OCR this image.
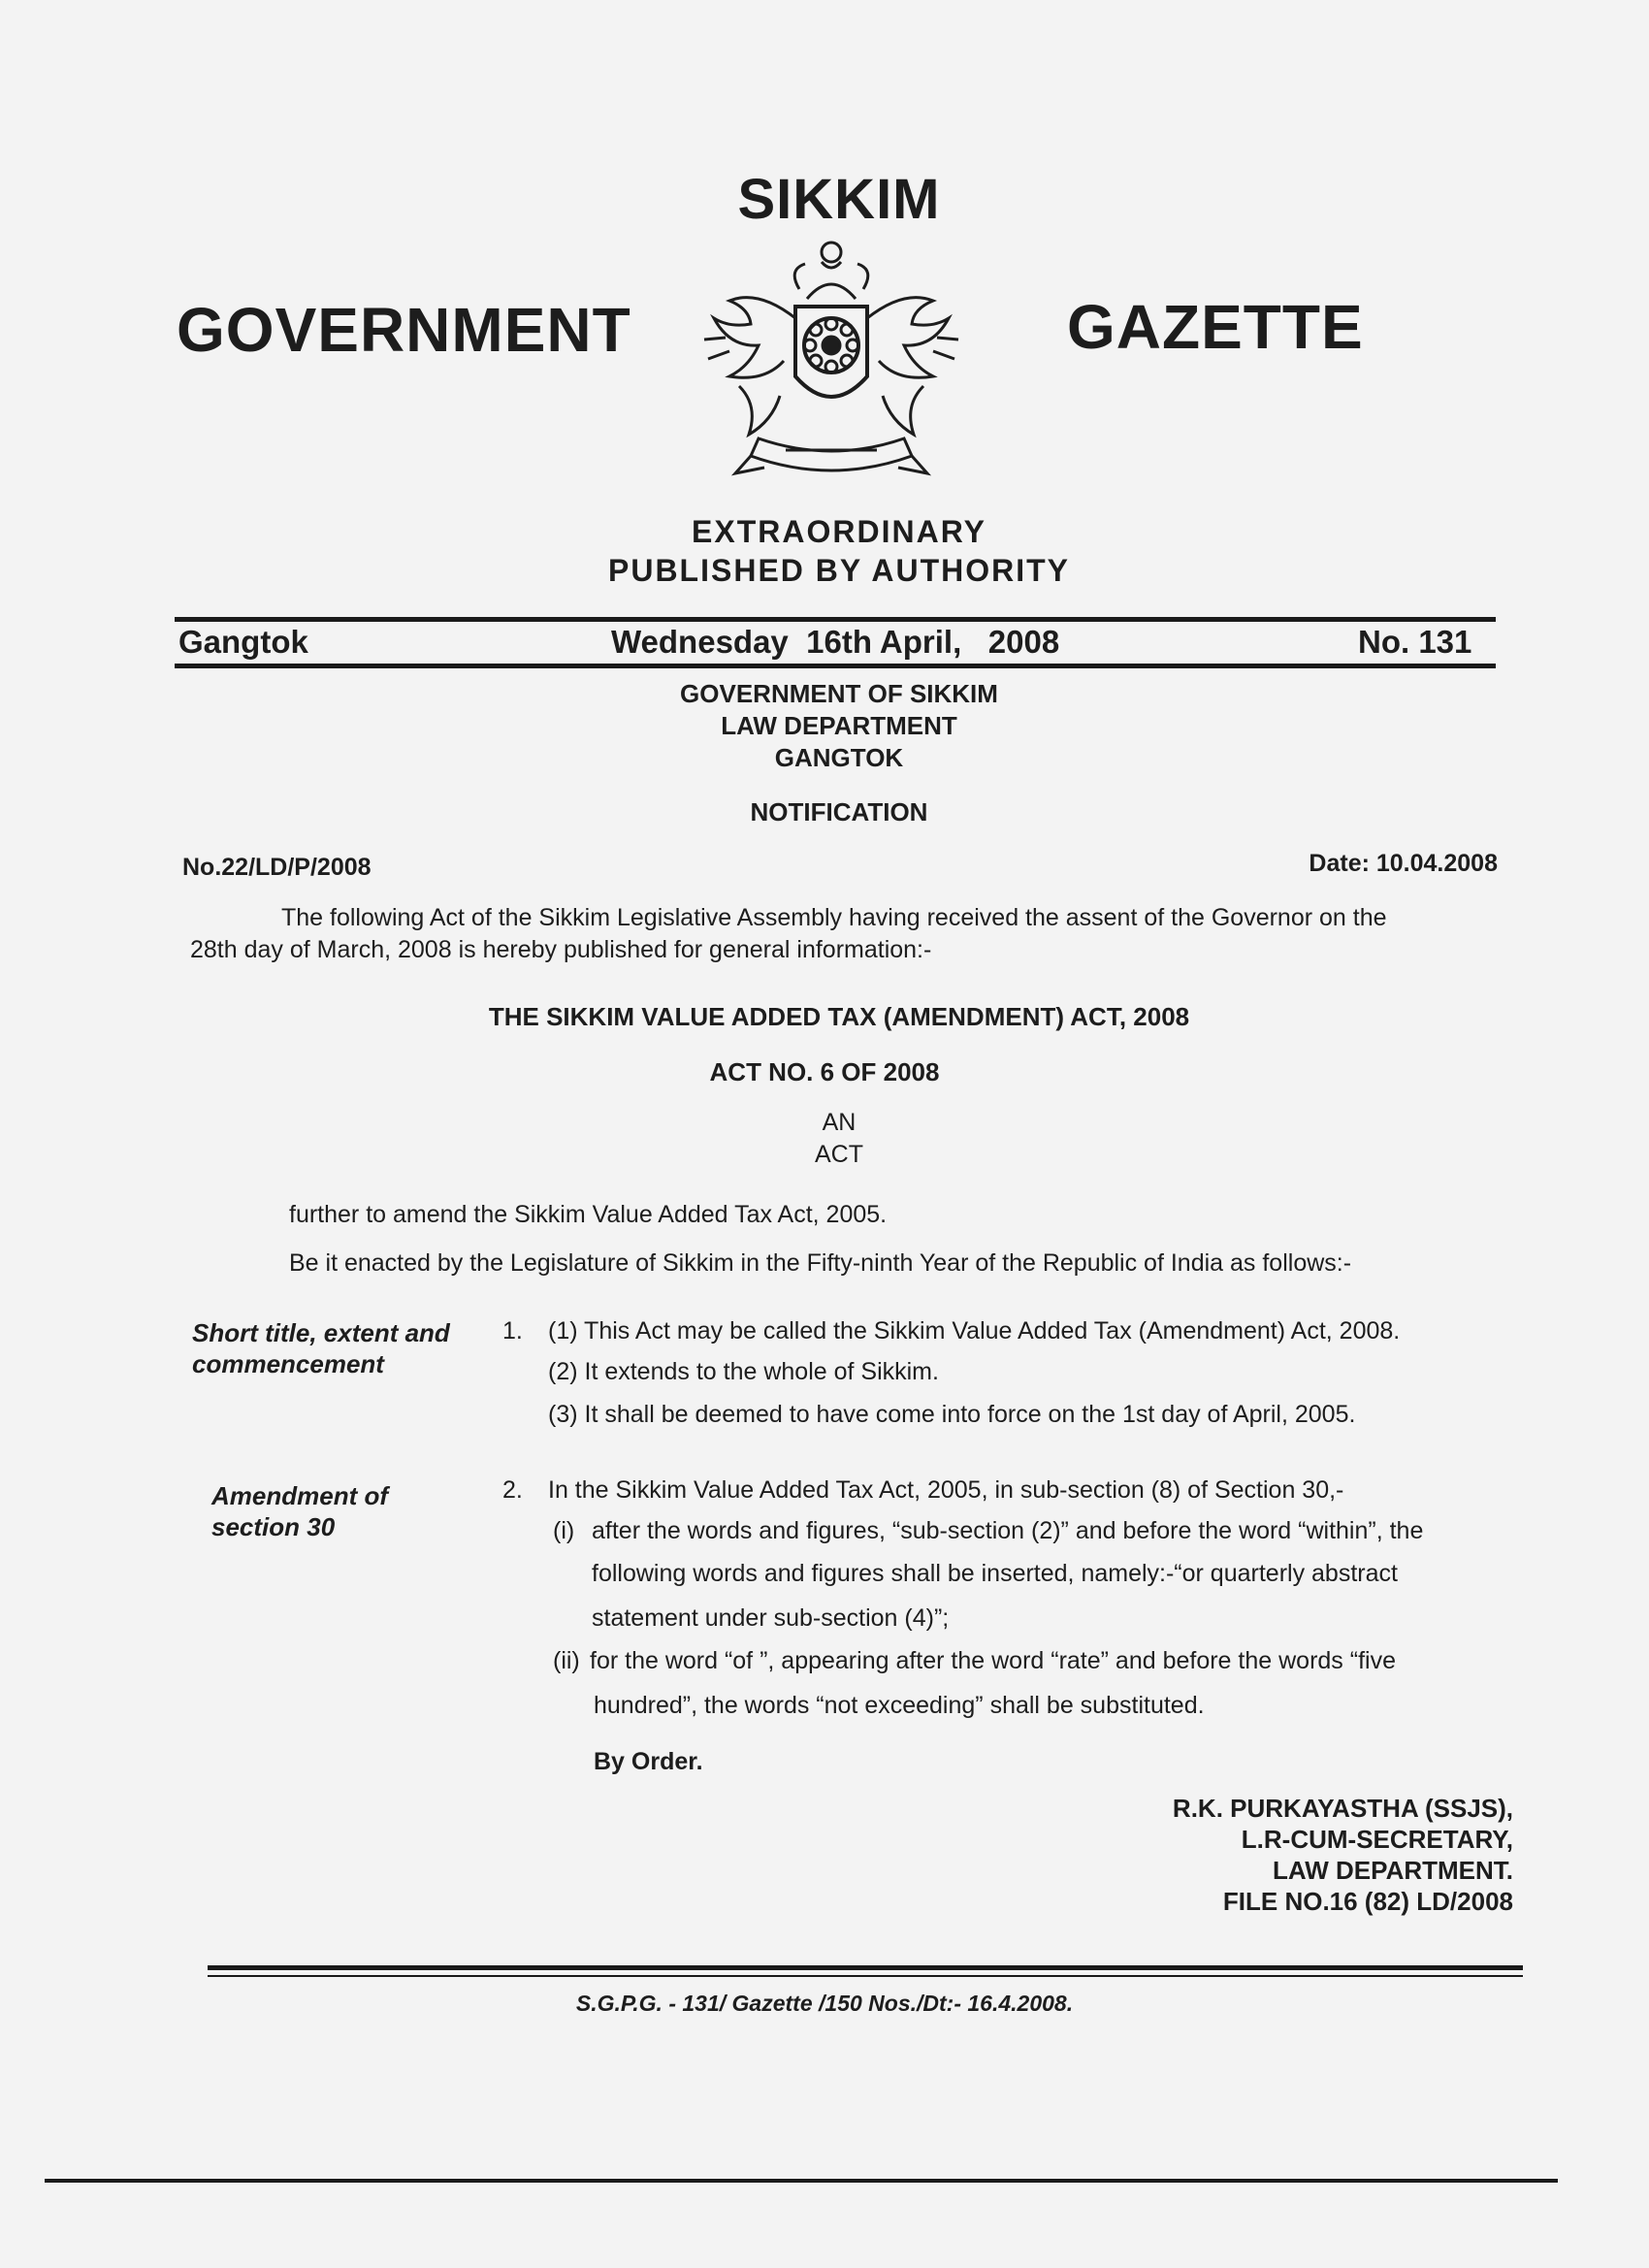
SIKKIM
GOVERNMENT	GAZETTE
EXTRAORDINARY
PUBLISHED BY AUTHORITY
Gangtok	Wednesday  16th April,   2008	No. 131
GOVERNMENT OF SIKKIM
LAW DEPARTMENT
GANGTOK
NOTIFICATION
No.22/LD/P/2008	Date: 10.04.2008
The following Act of the Sikkim Legislative Assembly having received the assent of the Governor on the
28th day of March, 2008 is hereby published for general information:-
THE SIKKIM VALUE ADDED TAX (AMENDMENT) ACT, 2008
ACT NO. 6 OF 2008
AN
ACT
further to amend the Sikkim Value Added Tax Act, 2005.
Be it enacted by the Legislature of Sikkim in the Fifty-ninth Year of the Republic of India as follows:-
Short title, extent and
commencement
1. (1) This Act may be called the Sikkim Value Added Tax (Amendment) Act, 2008.
(2) It extends to the whole of Sikkim.
(3) It shall be deemed to have come into force on the 1st day of April, 2005.
Amendment of
section 30
2. In the Sikkim Value Added Tax Act, 2005, in sub-section (8) of Section 30,-
(i) after the words and figures, “sub-section (2)” and before the word “within”, the
following words and figures shall be inserted, namely:-“or quarterly abstract
statement under sub-section (4)”;
(ii) for the word “of ”, appearing after the word “rate” and before the words “five
hundred”, the words “not exceeding” shall be substituted.
By Order.
R.K. PURKAYASTHA (SSJS),
L.R-CUM-SECRETARY,
LAW DEPARTMENT.
FILE NO.16 (82) LD/2008
S.G.P.G. - 131/ Gazette /150 Nos./Dt:- 16.4.2008.
